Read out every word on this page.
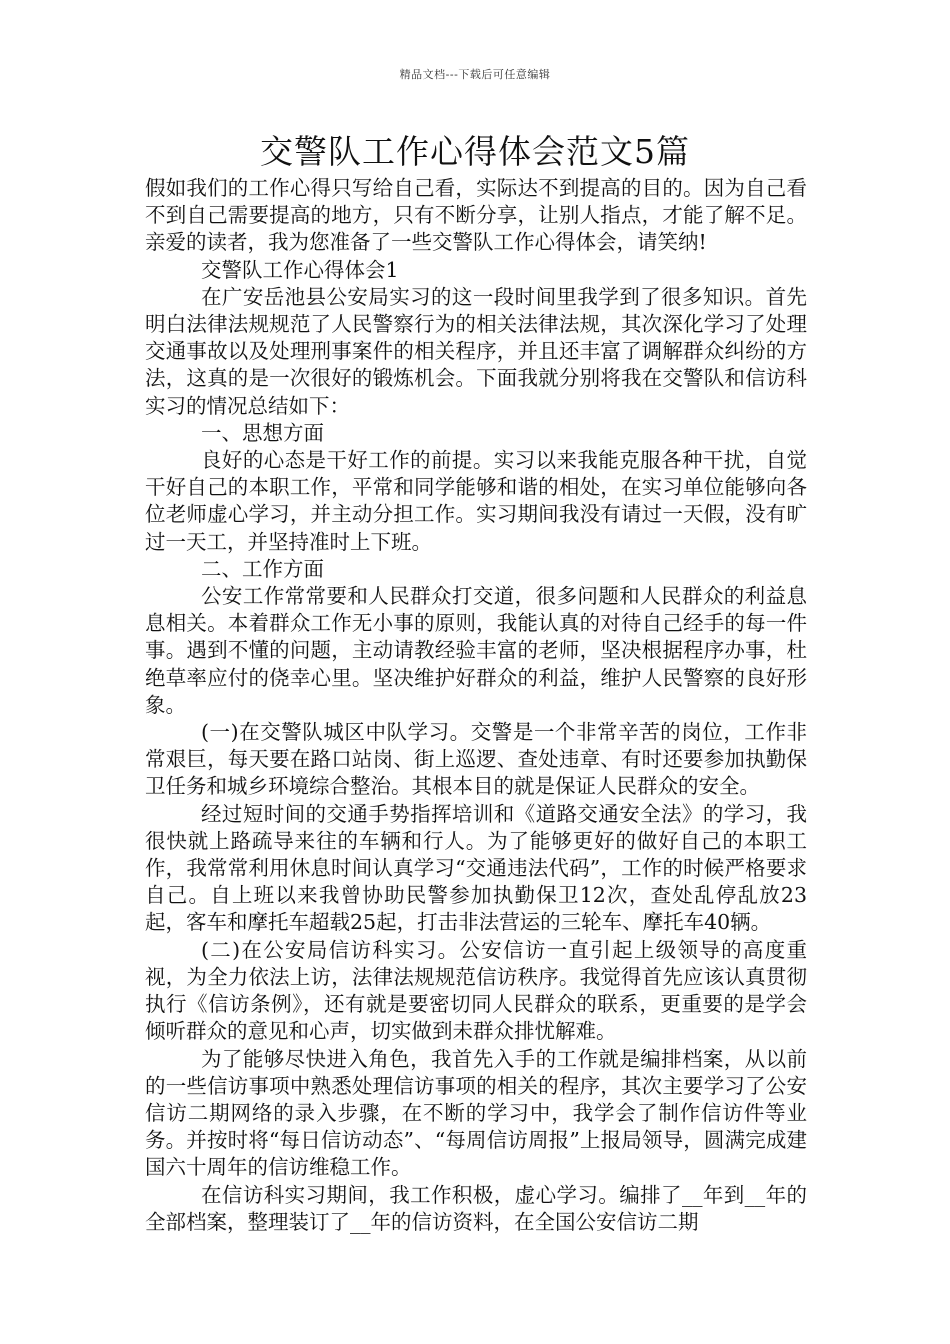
精品文档---下载后可任意编辑
交警队工作心得体会范文5篇

假如我们的工作心得只写给自己看，实际达不到提高的目的。因为自己看不到自己需要提高的地方，只有不断分享，让别人指点，才能了解不足。亲爱的读者，我为您准备了一些交警队工作心得体会，请笑纳!

交警队工作心得体会1

在广安岳池县公安局实习的这一段时间里我学到了很多知识。首先明白法律法规规范了人民警察行为的相关法律法规，其次深化学习了处理交通事故以及处理刑事案件的相关程序，并且还丰富了调解群众纠纷的方法，这真的是一次很好的锻炼机会。下面我就分别将我在交警队和信访科实习的情况总结如下：

一、思想方面

良好的心态是干好工作的前提。实习以来我能克服各种干扰，自觉干好自己的本职工作，平常和同学能够和谐的相处，在实习单位能够向各位老师虚心学习，并主动分担工作。实习期间我没有请过一天假，没有旷过一天工，并坚持准时上下班。

二、工作方面

公安工作常常要和人民群众打交道，很多问题和人民群众的利益息息相关。本着群众工作无小事的原则，我能认真的对待自己经手的每一件事。遇到不懂的问题，主动请教经验丰富的老师，坚决根据程序办事，杜绝草率应付的侥幸心里。坚决维护好群众的利益，维护人民警察的良好形象。

(一)在交警队城区中队学习。交警是一个非常辛苦的岗位，工作非常艰巨，每天要在路口站岗、街上巡逻、查处违章、有时还要参加执勤保卫任务和城乡环境综合整治。其根本目的就是保证人民群众的安全。

经过短时间的交通手势指挥培训和《道路交通安全法》的学习，我很快就上路疏导来往的车辆和行人。为了能够更好的做好自己的本职工作，我常常利用休息时间认真学习“交通违法代码”，工作的时候严格要求自己。自上班以来我曾协助民警参加执勤保卫12次，查处乱停乱放23起，客车和摩托车超载25起，打击非法营运的三轮车、摩托车40辆。

(二)在公安局信访科实习。公安信访一直引起上级领导的高度重视，为全力依法上访，法律法规规范信访秩序。我觉得首先应该认真贯彻执行《信访条例》，还有就是要密切同人民群众的联系，更重要的是学会倾听群众的意见和心声，切实做到未群众排忧解难。

为了能够尽快进入角色，我首先入手的工作就是编排档案，从以前的一些信访事项中熟悉处理信访事项的相关的程序，其次主要学习了公安信访二期网络的录入步骤，在不断的学习中，我学会了制作信访件等业务。并按时将“每日信访动态”、“每周信访周报”上报局领导，圆满完成建国六十周年的信访维稳工作。

在信访科实习期间，我工作积极，虚心学习。编排了__年到__年的全部档案，整理装订了__年的信访资料，在全国公安信访二期
